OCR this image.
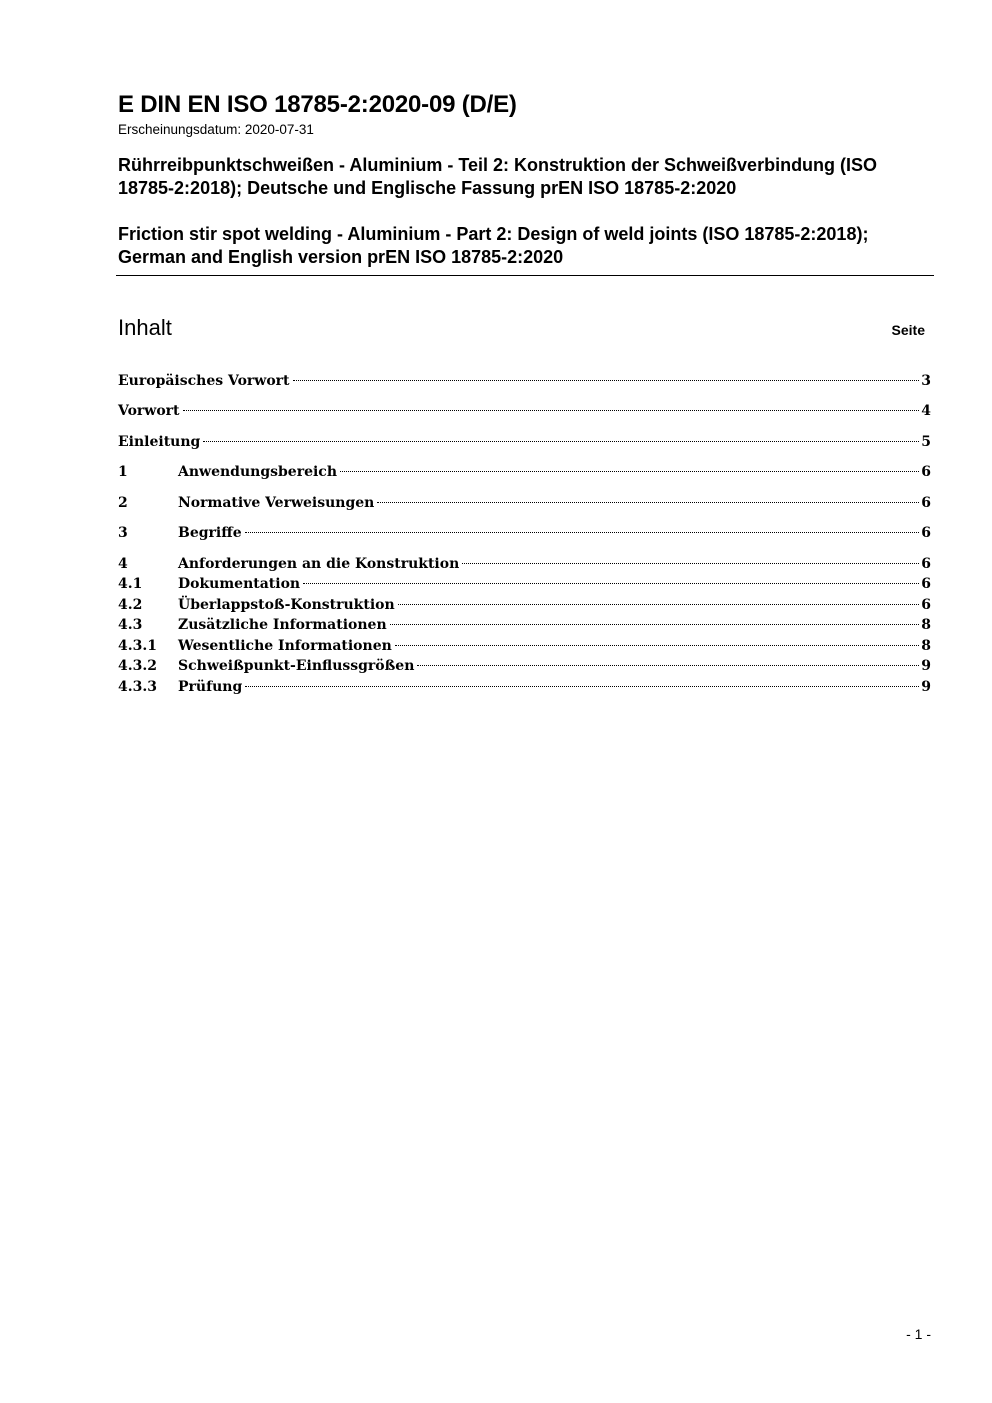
E DIN EN ISO 18785-2:2020-09 (D/E)
Erscheinungsdatum: 2020-07-31
Rührreibpunktschweißen - Aluminium - Teil 2: Konstruktion der Schweißverbindung (ISO 18785-2:2018); Deutsche und Englische Fassung prEN ISO 18785-2:2020
Friction stir spot welding - Aluminium - Part 2: Design of weld joints (ISO 18785-2:2018); German and English version prEN ISO 18785-2:2020
Inhalt	Seite
Europäisches Vorwort	3
Vorwort	4
Einleitung	5
1	Anwendungsbereich	6
2	Normative Verweisungen	6
3	Begriffe	6
4	Anforderungen an die Konstruktion	6
4.1	Dokumentation	6
4.2	Überlappstoß-Konstruktion	6
4.3	Zusätzliche Informationen	8
4.3.1	Wesentliche Informationen	8
4.3.2	Schweißpunkt-Einflussgrößen	9
4.3.3	Prüfung	9
- 1 -
